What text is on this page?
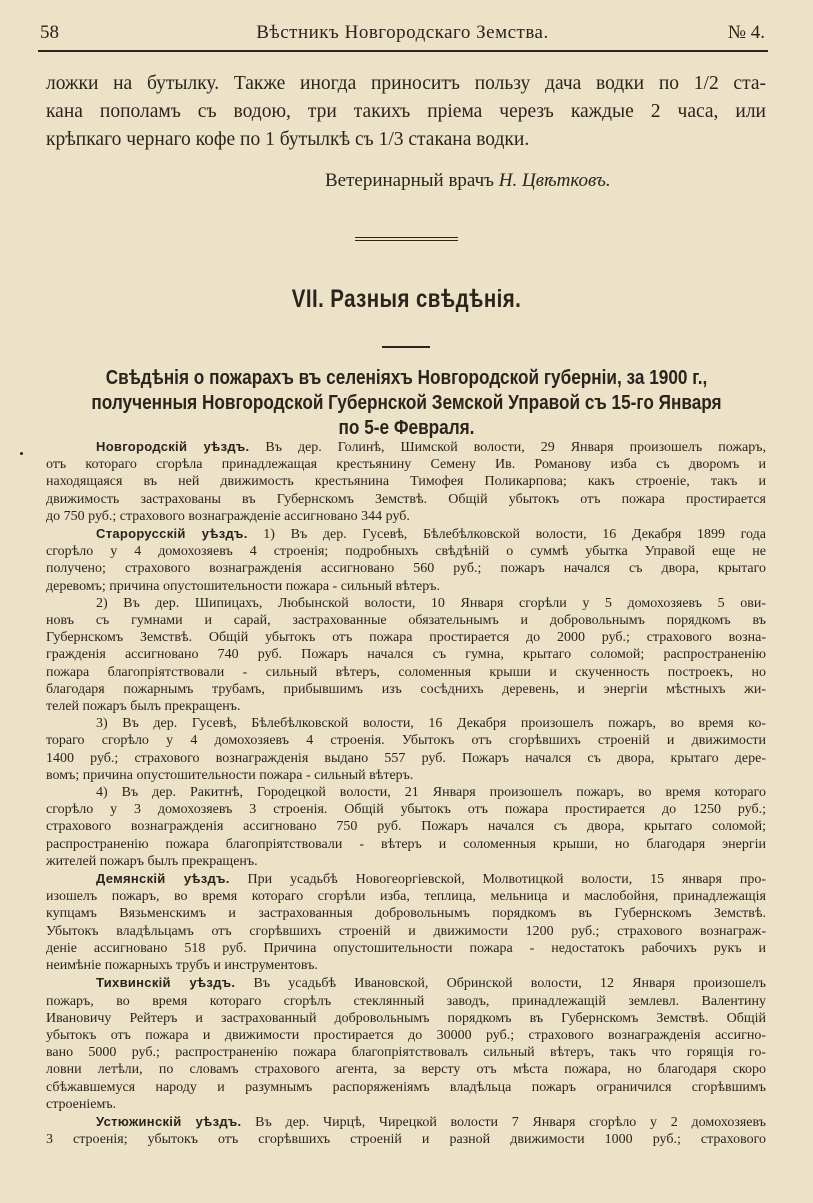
58	Вѣстникъ Новгородскаго Земства.	№ 4.
ложки на бутылку. Также иногда приноситъ пользу дача водки по 1/2 ста-
кана пополамъ съ водою, три такихъ пріема черезъ каждые 2 часа, или
крѣпкаго чернаго кофе по 1 бутылкѣ съ 1/3 стакана водки.
Ветеринарный врачъ Н. Цвѣтковъ.
VII. Разныя свѣдѣнія.
Свѣдѣнія о пожарахъ въ селеніяхъ Новгородской губерніи, за 1900 г.,
полученныя Новгородской Губернской Земской Управой съ 15-го Января
по 5-е Февраля.
Новгородскій уѣздъ. Въ дер. Голинѣ, Шимской волости, 29 Января произошелъ пожаръ,
отъ котораго сгорѣла принадлежащая крестьянину Семену Ив. Романову изба съ дворомъ и
находящаяся въ ней движимость крестьянина Тимофея Поликарпова; какъ строеніе, такъ и
движимость застрахованы въ Губернскомъ Земствѣ. Общій убытокъ отъ пожара простирается
до 750 руб.; страхового вознагражденіе ассигновано 344 руб.
Старорусскій уѣздъ. 1) Въ дер. Гусевѣ, Бѣлебѣлковской волости, 16 Декабря 1899 года
сгорѣло у 4 домохозяевъ 4 строенія; подробныхъ свѣдѣній о суммѣ убытка Управой еще не
получено; страхового вознагражденія ассигновано 560 руб.; пожаръ начался съ двора, крытаго
деревомъ; причина опустошительности пожара - сильный вѣтеръ.
2) Въ дер. Шипицахъ, Любынской волости, 10 Января сгорѣли у 5 домохозяевъ 5 ови-
новъ съ гумнами и сарай, застрахованные обязательнымъ и добровольнымъ порядкомъ въ
Губернскомъ Земствѣ. Общій убытокъ отъ пожара простирается до 2000 руб.; страхового возна-
гражденія ассигновано 740 руб. Пожаръ начался съ гумна, крытаго соломой; распространенію
пожара благопріятствовали - сильный вѣтеръ, соломенныя крыши и скученность построекъ, но
благодаря пожарнымъ трубамъ, прибывшимъ изъ сосѣднихъ деревень, и энергіи мѣстныхъ жи-
телей пожаръ былъ прекращенъ.
3) Въ дер. Гусевѣ, Бѣлебѣлковской волости, 16 Декабря произошелъ пожаръ, во время ко-
тораго сгорѣло у 4 домохозяевъ 4 строенія. Убытокъ отъ сгорѣвшихъ строеній и движимости
1400 руб.; страхового вознагражденія выдано 557 руб. Пожаръ начался съ двора, крытаго дере-
вомъ; причина опустошительности пожара - сильный вѣтеръ.
4) Въ дер. Ракитнѣ, Городецкой волости, 21 Января произошелъ пожаръ, во время котораго
сгорѣло у 3 домохозяевъ 3 строенія. Общій убытокъ отъ пожара простирается до 1250 руб.;
страхового вознагражденія ассигновано 750 руб. Пожаръ начался съ двора, крытаго соломой;
распространенію пожара благопріятствовали - вѣтеръ и соломенныя крыши, но благодаря энергіи
жителей пожаръ былъ прекращенъ.
Демянскій уѣздъ. При усадьбѣ Новогеоргіевской, Молвотицкой волости, 15 января про-
изошелъ пожаръ, во время котораго сгорѣли изба, теплица, мельница и маслобойня, принадлежащія
купцамъ Вязьменскимъ и застрахованныя добровольнымъ порядкомъ въ Губернскомъ Земствѣ.
Убытокъ владѣльцамъ отъ сгорѣвшихъ строеній и движимости 1200 руб.; страхового вознаграж-
деніе ассигновано 518 руб. Причина опустошительности пожара - недостатокъ рабочихъ рукъ и
неимѣніе пожарныхъ трубъ и инструментовъ.
Тихвинскій уѣздъ. Въ усадьбѣ Ивановской, Обринской волости, 12 Января произошелъ
пожаръ, во время котораго сгорѣлъ стеклянный заводъ, принадлежащій землевл. Валентину
Ивановичу Рейтеръ и застрахованный добровольнымъ порядкомъ въ Губернскомъ Земствѣ. Общій
убытокъ отъ пожара и движимости простирается до 30000 руб.; страхового вознагражденія ассигно-
вано 5000 руб.; распространенію пожара благопріятствовалъ сильный вѣтеръ, такъ что горящія го-
ловни летѣли, по словамъ страхового агента, за версту отъ мѣста пожара, но благодаря скоро
сбѣжавшемуся народу и разумнымъ распоряженіямъ владѣльца пожаръ ограничился сгорѣвшимъ
строеніемъ.
Устюжинскій уѣздъ. Въ дер. Чирцѣ, Чирецкой волости 7 Января сгорѣло у 2 домохозяевъ
3 строенія; убытокъ отъ сгорѣвшихъ строеній и разной движимости 1000 руб.; страхового
